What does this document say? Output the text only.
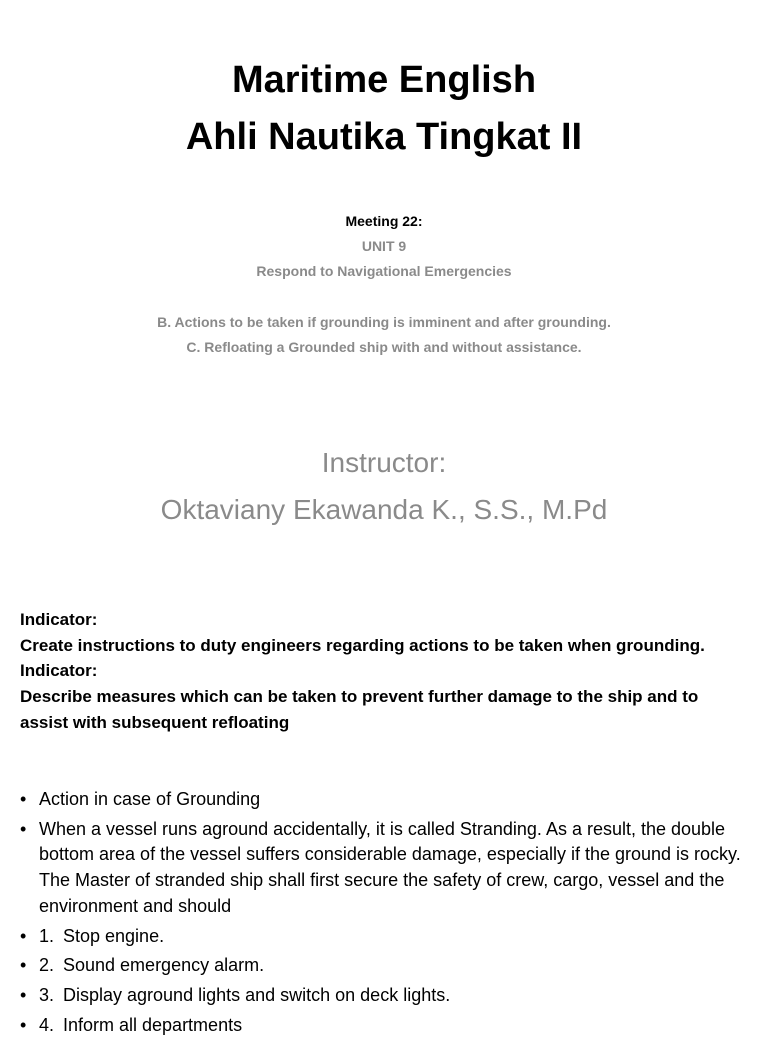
Maritime English
Ahli Nautika Tingkat II
Meeting 22:
UNIT 9
Respond to Navigational Emergencies
B. Actions to be taken if grounding is imminent and after grounding.
C. Refloating a Grounded ship with and without assistance.
Instructor:
Oktaviany Ekawanda K., S.S., M.Pd
Indicator:
Create instructions to duty engineers regarding actions to be taken when grounding.
Indicator:
Describe measures which can be taken to prevent further damage to the ship and to assist with subsequent refloating
• Action in case of Grounding
• When a vessel runs aground accidentally, it is called Stranding. As a result, the double bottom area of the vessel suffers considerable damage, especially if the ground is rocky. The Master of stranded ship shall first secure the safety of crew, cargo, vessel and the environment and should
• 1. Stop engine.
• 2. Sound emergency alarm.
• 3. Display aground lights and switch on deck lights.
• 4. Inform all departments
